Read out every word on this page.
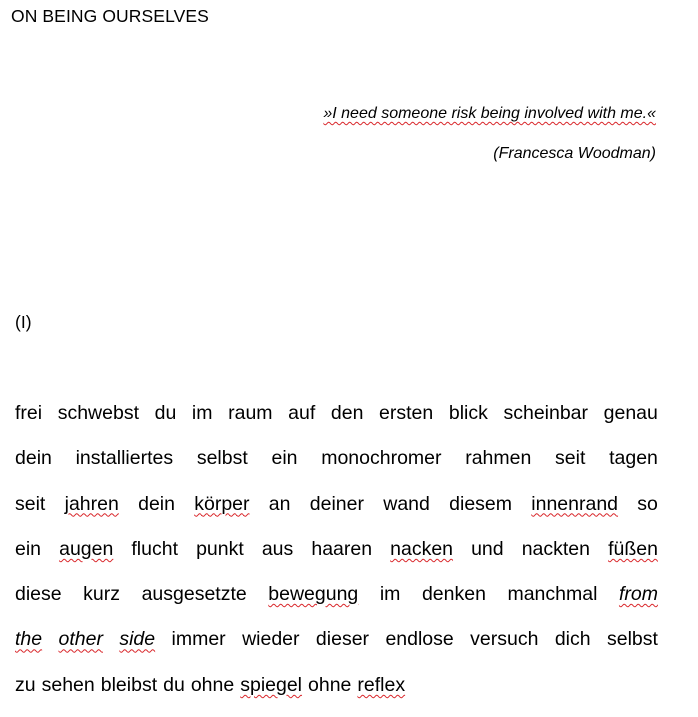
ON BEING OURSELVES
»I need someone risk being involved with me.«
(Francesca Woodman)
(I)
frei schwebst du im raum auf den ersten blick scheinbar genau
dein installiertes selbst ein monochromer rahmen seit tagen
seit jahren dein körper an deiner wand diesem innenrand so
ein augen flucht punkt aus haaren nacken und nackten füßen
diese kurz ausgesetzte bewegung im denken manchmal from
the other side immer wieder dieser endlose versuch dich selbst
zu sehen bleibst du ohne spiegel ohne reflex
